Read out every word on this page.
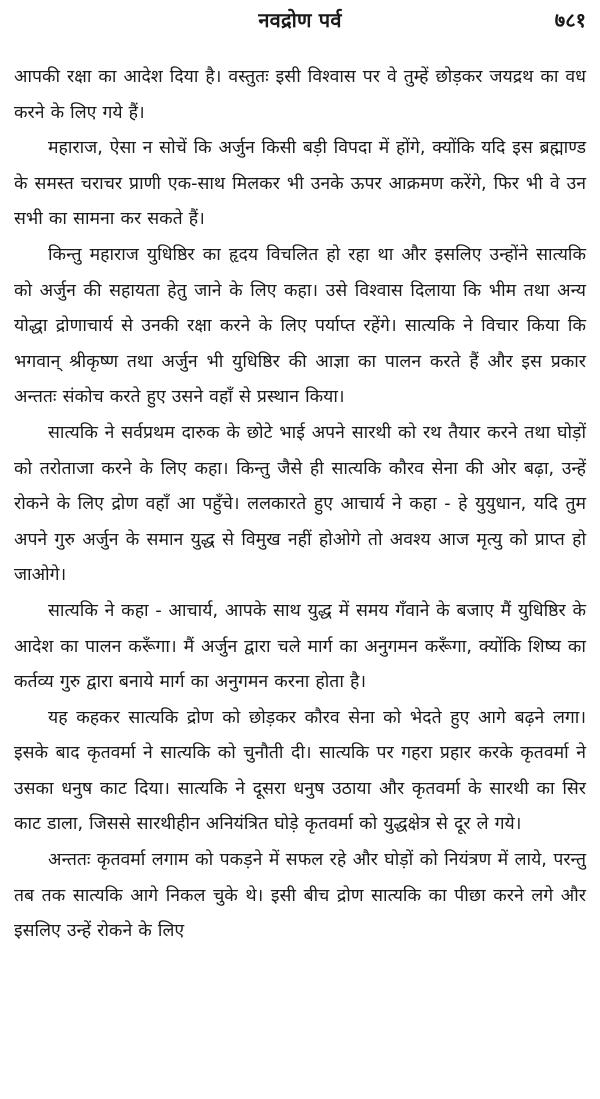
नवद्रोण पर्व	७८१

आपकी रक्षा का आदेश दिया है। वस्तुतः इसी विश्वास पर वे तुम्हें छोड़कर जयद्रथ का वध करने के लिए गये हैं।

महाराज, ऐसा न सोचें कि अर्जुन किसी बड़ी विपदा में होंगे, क्योंकि यदि इस ब्रह्माण्ड के समस्त चराचर प्राणी एक-साथ मिलकर भी उनके ऊपर आक्रमण करेंगे, फिर भी वे उन सभी का सामना कर सकते हैं।

किन्तु महाराज युधिष्ठिर का हृदय विचलित हो रहा था और इसलिए उन्होंने सात्यकि को अर्जुन की सहायता हेतु जाने के लिए कहा। उसे विश्वास दिलाया कि भीम तथा अन्य योद्धा द्रोणाचार्य से उनकी रक्षा करने के लिए पर्याप्त रहेंगे। सात्यकि ने विचार किया कि भगवान् श्रीकृष्ण तथा अर्जुन भी युधिष्ठिर की आज्ञा का पालन करते हैं और इस प्रकार अन्ततः संकोच करते हुए उसने वहाँ से प्रस्थान किया।

सात्यकि ने सर्वप्रथम दारुक के छोटे भाई अपने सारथी को रथ तैयार करने तथा घोड़ों को तरोताजा करने के लिए कहा। किन्तु जैसे ही सात्यकि कौरव सेना की ओर बढ़ा, उन्हें रोकने के लिए द्रोण वहाँ आ पहुँचे। ललकारते हुए आचार्य ने कहा - हे युयुधान, यदि तुम अपने गुरु अर्जुन के समान युद्ध से विमुख नहीं होओगे तो अवश्य आज मृत्यु को प्राप्त हो जाओगे।

सात्यकि ने कहा - आचार्य, आपके साथ युद्ध में समय गँवाने के बजाए मैं युधिष्ठिर के आदेश का पालन करूँगा। मैं अर्जुन द्वारा चले मार्ग का अनुगमन करूँगा, क्योंकि शिष्य का कर्तव्य गुरु द्वारा बनाये मार्ग का अनुगमन करना होता है।

यह कहकर सात्यकि द्रोण को छोड़कर कौरव सेना को भेदते हुए आगे बढ़ने लगा। इसके बाद कृतवर्मा ने सात्यकि को चुनौती दी। सात्यकि पर गहरा प्रहार करके कृतवर्मा ने उसका धनुष काट दिया। सात्यकि ने दूसरा धनुष उठाया और कृतवर्मा के सारथी का सिर काट डाला, जिससे सारथीहीन अनियंत्रित घोड़े कृतवर्मा को युद्धक्षेत्र से दूर ले गये।

अन्ततः कृतवर्मा लगाम को पकड़ने में सफल रहे और घोड़ों को नियंत्रण में लाये, परन्तु तब तक सात्यकि आगे निकल चुके थे। इसी बीच द्रोण सात्यकि का पीछा करने लगे और इसलिए उन्हें रोकने के लिए
